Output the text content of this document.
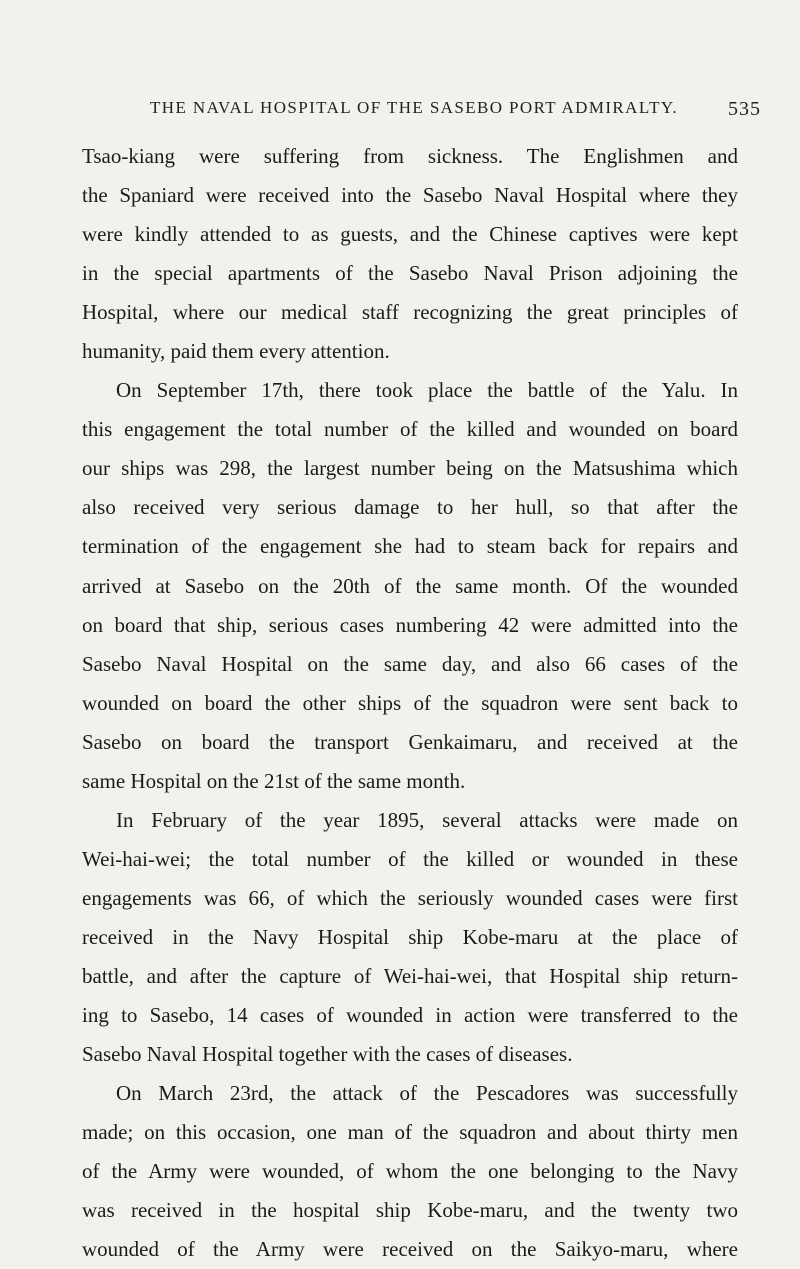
THE NAVAL HOSPITAL OF THE SASEBO PORT ADMIRALTY.	535
Tsao-kiang were suffering from sickness. The Englishmen and
the Spaniard were received into the Sasebo Naval Hospital where they
were kindly attended to as guests, and the Chinese captives were kept
in the special apartments of the Sasebo Naval Prison adjoining the
Hospital, where our medical staff recognizing the great principles of
humanity, paid them every attention.
On September 17th, there took place the battle of the Yalu. In
this engagement the total number of the killed and wounded on board
our ships was 298, the largest number being on the Matsushima which
also received very serious damage to her hull, so that after the
termination of the engagement she had to steam back for repairs and
arrived at Sasebo on the 20th of the same month. Of the wounded
on board that ship, serious cases numbering 42 were admitted into the
Sasebo Naval Hospital on the same day, and also 66 cases of the
wounded on board the other ships of the squadron were sent back to
Sasebo on board the transport Genkaimaru, and received at the
same Hospital on the 21st of the same month.
In February of the year 1895, several attacks were made on
Wei-hai-wei; the total number of the killed or wounded in these
engagements was 66, of which the seriously wounded cases were first
received in the Navy Hospital ship Kobe-maru at the place of
battle, and after the capture of Wei-hai-wei, that Hospital ship return-
ing to Sasebo, 14 cases of wounded in action were transferred to the
Sasebo Naval Hospital together with the cases of diseases.
On March 23rd, the attack of the Pescadores was successfully
made; on this occasion, one man of the squadron and about thirty men
of the Army were wounded, of whom the one belonging to the Navy
was received in the hospital ship Kobe-maru, and the twenty two
wounded of the Army were received on the Saikyo-maru, where
